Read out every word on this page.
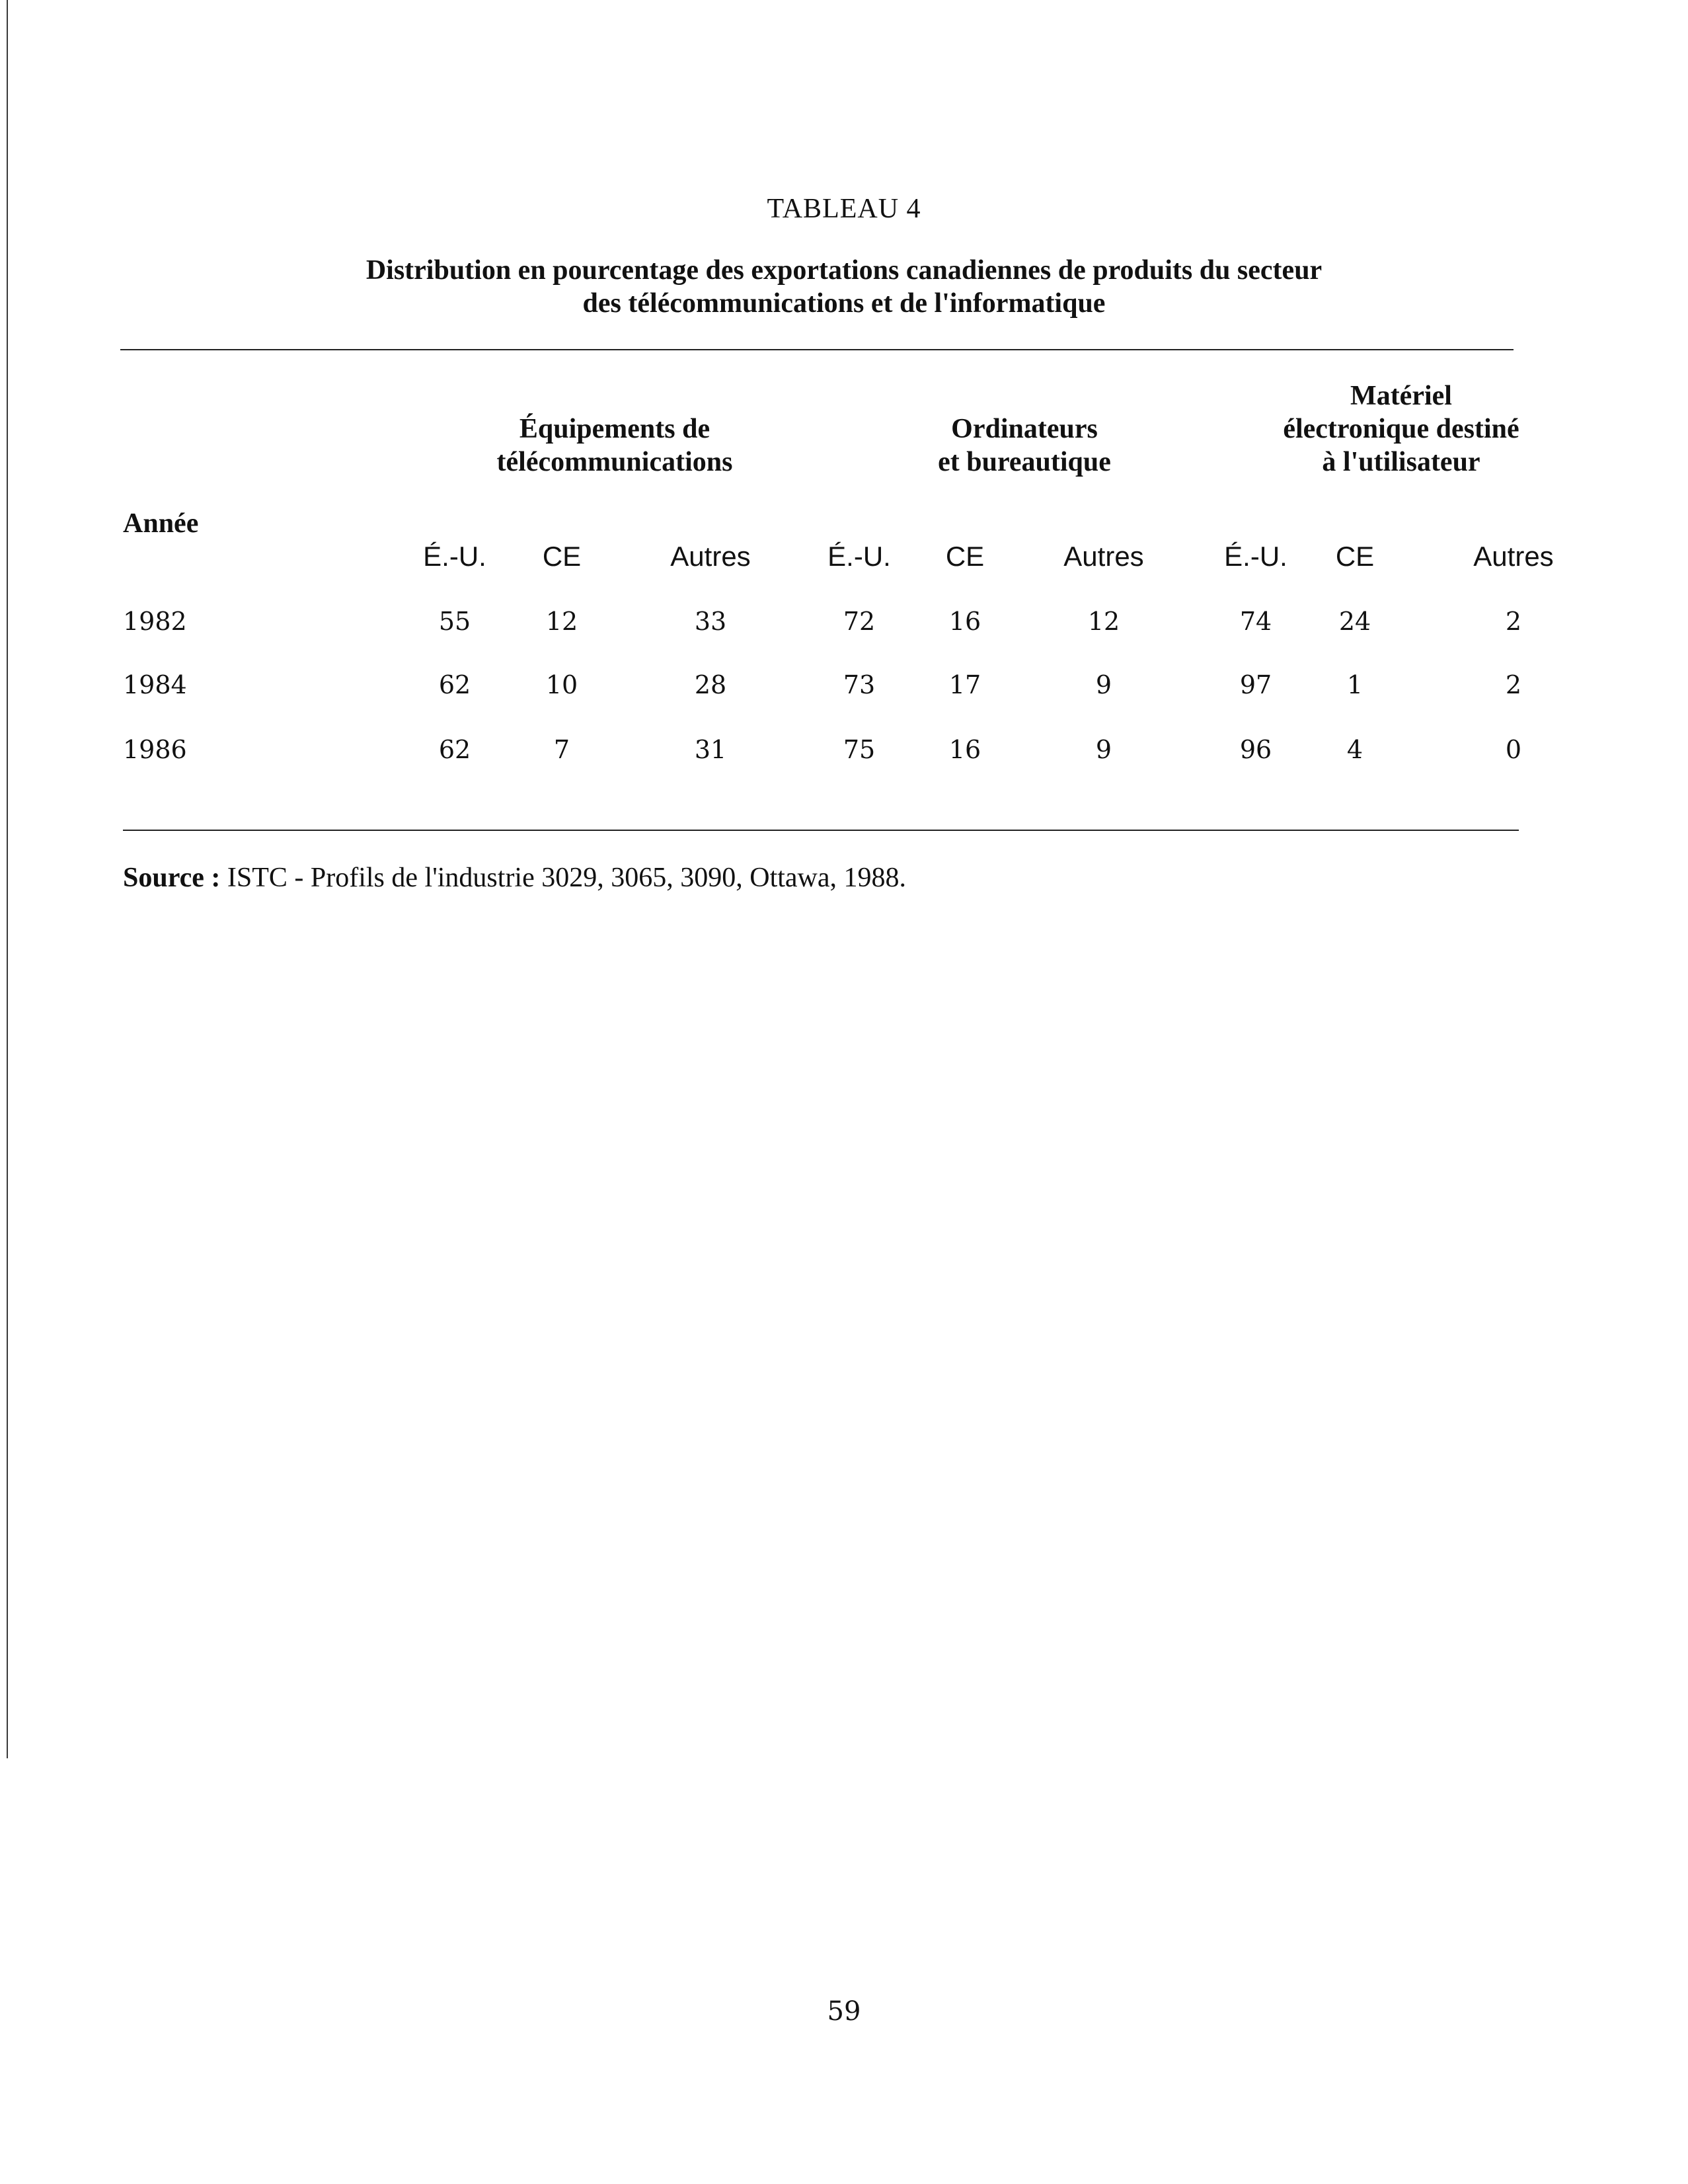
TABLEAU 4
Distribution en pourcentage des exportations canadiennes de produits du secteur
des télécommunications et de l'informatique
Équipements de
télécommunications
Ordinateurs
et bureautique
Matériel
électronique destiné
à l'utilisateur
Année
É.-U.	CE	Autres	É.-U.	CE	Autres	É.-U.	CE	Autres
1982	55	12	33	72	16	12	74	24	2
1984	62	10	28	73	17	9	97	1	2
1986	62	7	31	75	16	9	96	4	0
Source : ISTC - Profils de l'industrie 3029, 3065, 3090, Ottawa, 1988.
59
